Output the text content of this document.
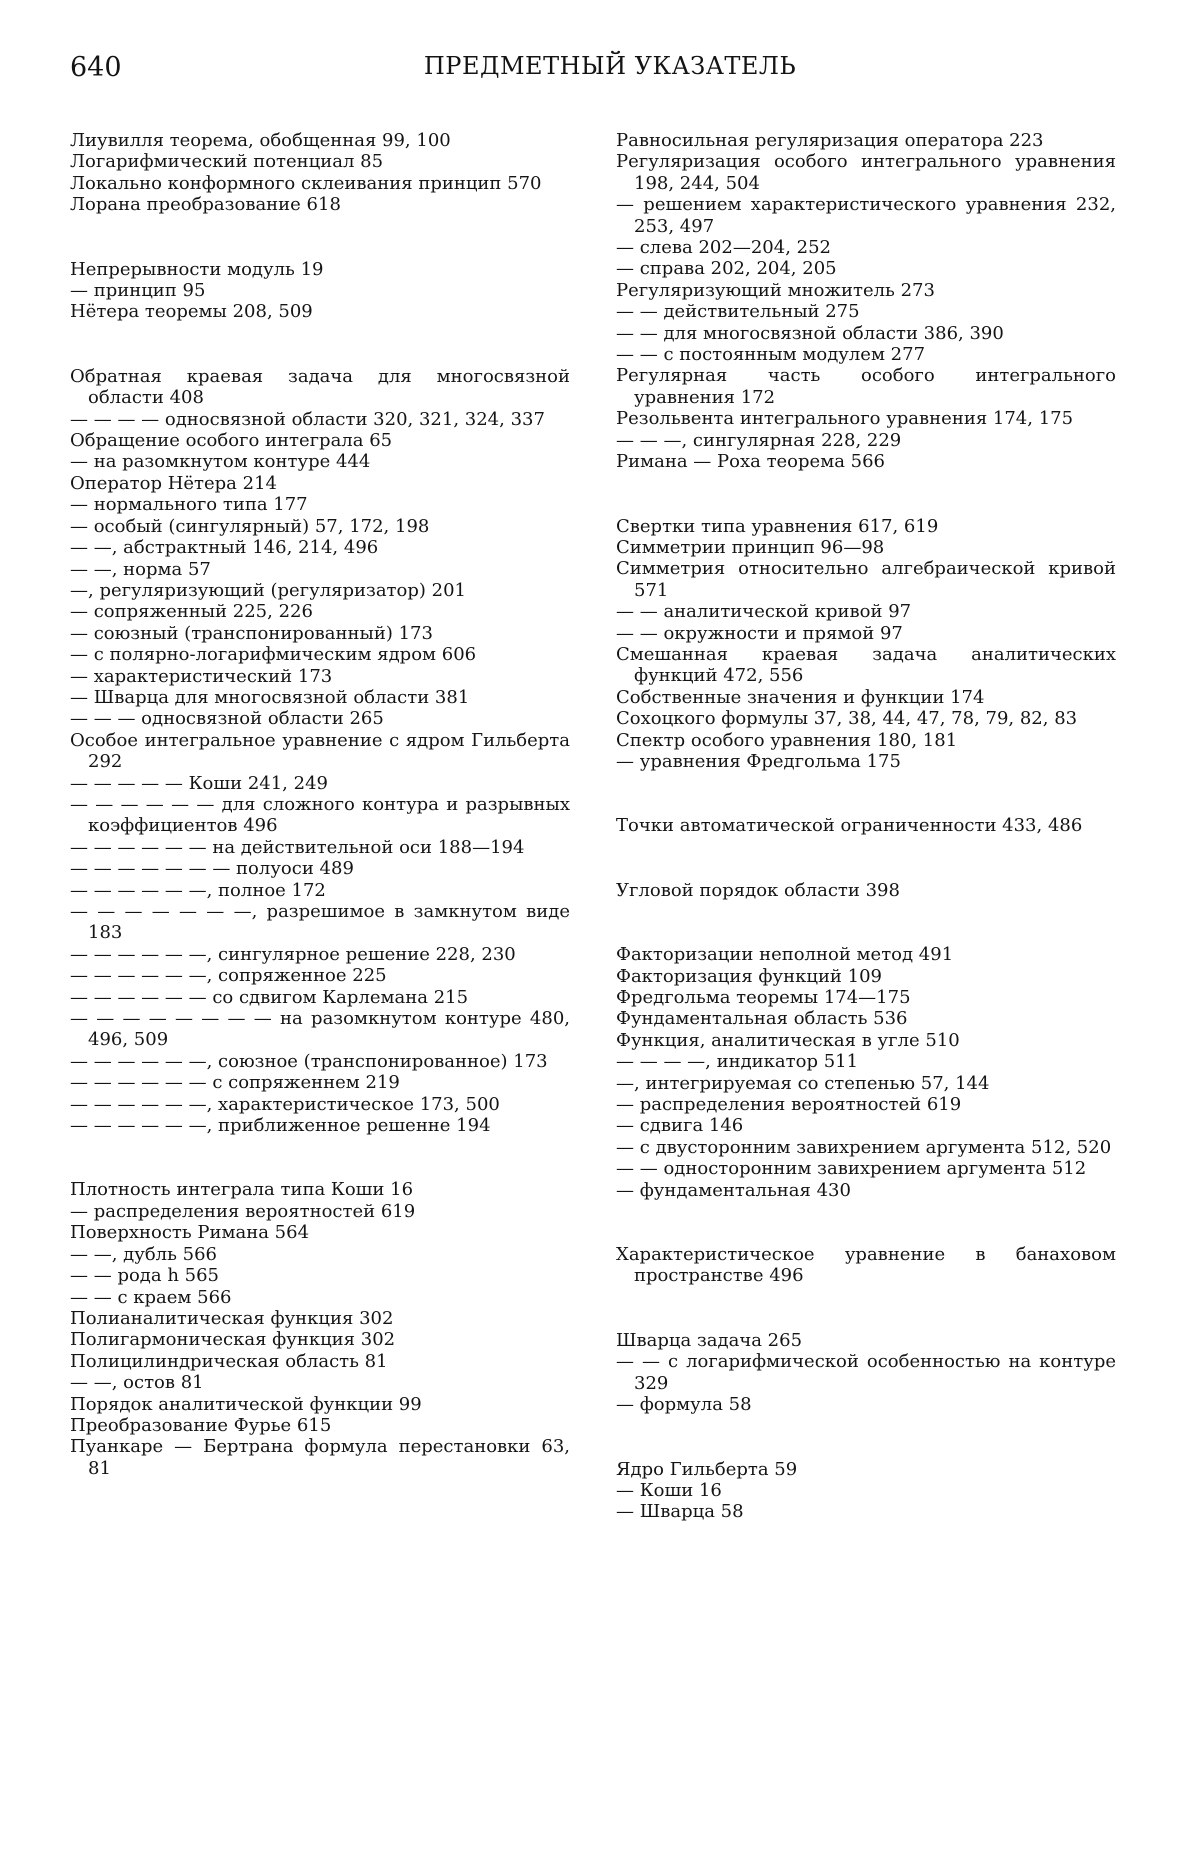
640	ПРЕДМЕТНЫЙ УКАЗАТЕЛЬ

Лиувилля теорема, обобщенная 99, 100

Логарифмический потенциал 85

Локально конформного склеивания принцип 570

Лорана преобразование 618

Непрерывности модуль 19

— принцип 95

Нётера теоремы 208, 509

Обратная краевая задача для многосвязной области 408

— — — — односвязной области 320, 321, 324, 337

Обращение особого интеграла 65

— на разомкнутом контуре 444

Оператор Нётера 214

— нормального типа 177

— особый (сингулярный) 57, 172, 198

— —, абстрактный 146, 214, 496

— —, норма 57

—, регуляризующий (регуляризатор) 201

— сопряженный 225, 226

— союзный (транспонированный) 173

— с полярно-логарифмическим ядром 606

— характеристический 173

— Шварца для многосвязной области 381

— — — односвязной области 265

Особое интегральное уравнение с ядром Гильберта 292

— — — — — Коши 241, 249

— — — — — — для сложного контура и разрывных коэффициентов 496

— — — — — — на действительной оси 188—194

— — — — — — — полуоси 489

— — — — — —, полное 172

— — — — — — —, разрешимое в замкнутом виде 183

— — — — — —, сингулярное решение 228, 230

— — — — — —, сопряженное 225

— — — — — — со сдвигом Карлемана 215

— — — — — — — — на разомкнутом контуре 480, 496, 509

— — — — — —, союзное (транспонированное) 173

— — — — — — с сопряженнем 219

— — — — — —, характеристическое 173, 500

— — — — — —, приближенное решенне 194

Плотность интеграла типа Коши 16

— распределения вероятностей 619

Поверхность Римана 564

— —, дубль 566

— — рода h 565

— — с краем 566

Полианалитическая функция 302

Полигармоническая функция 302

Полицилиндрическая область 81

— —, остов 81

Порядок аналитической функции 99

Преобразование Фурье 615

Пуанкаре — Бертрана формула перестановки 63, 81

Равносильная регуляризация оператора 223

Регуляризация особого интегрального уравнения 198, 244, 504

— решением характеристического уравнения 232, 253, 497

— слева 202—204, 252

— справа 202, 204, 205

Регуляризующий множитель 273

— — действительный 275

— — для многосвязной области 386, 390

— — с постоянным модулем 277

Регулярная часть особого интегрального уравнения 172

Резольвента интегрального уравнения 174, 175

— — —, сингулярная 228, 229

Римана — Роха теорема 566

Свертки типа уравнения 617, 619

Симметрии принцип 96—98

Симметрия относительно алгебраической кривой 571

— — аналитической кривой 97

— — окружности и прямой 97

Смешанная краевая задача аналитических функций 472, 556

Собственные значения и функции 174

Сохоцкого формулы 37, 38, 44, 47, 78, 79, 82, 83

Спектр особого уравнения 180, 181

— уравнения Фредгольма 175

Точки автоматической ограниченности 433, 486

Угловой порядок области 398

Факторизации неполной метод 491

Факторизация функций 109

Фредгольма теоремы 174—175

Фундаментальная область 536

Функция, аналитическая в угле 510

— — — —, индикатор 511

—, интегрируемая со степенью 57, 144

— распределения вероятностей 619

— сдвига 146

— с двусторонним завихрением аргумента 512, 520

— — односторонним завихрением аргумента 512

— фундаментальная 430

Характеристическое уравнение в банаховом пространстве 496

Шварца задача 265

— — с логарифмической особенностью на контуре 329

— формула 58

Ядро Гильберта 59

— Коши 16

— Шварца 58
